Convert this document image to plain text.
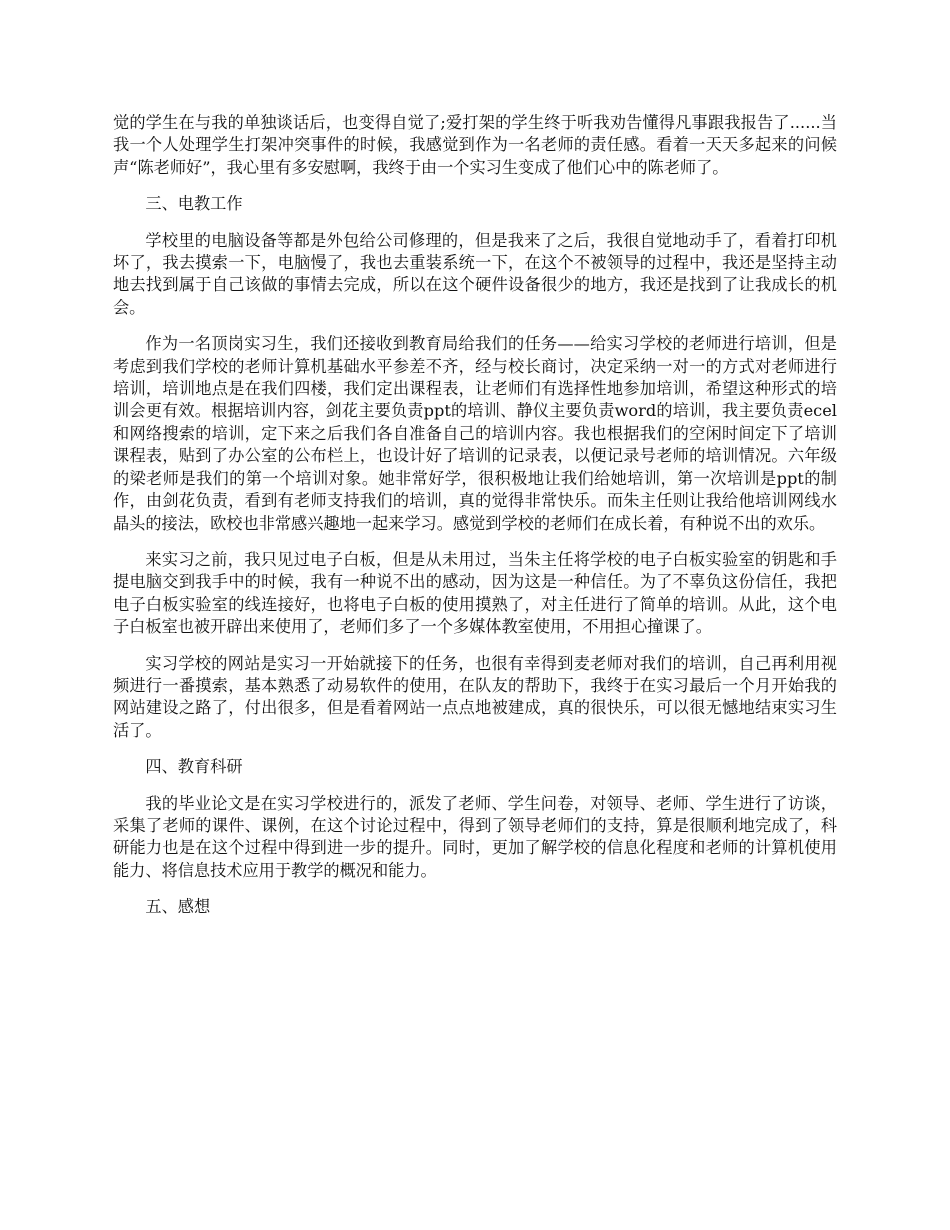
觉的学生在与我的单独谈话后，也变得自觉了;爱打架的学生终于听我劝告懂得凡事跟我报告了......当我一个人处理学生打架冲突事件的时候，我感觉到作为一名老师的责任感。看着一天天多起来的问候声“陈老师好”，我心里有多安慰啊，我终于由一个实习生变成了他们心中的陈老师了。

三、电教工作

学校里的电脑设备等都是外包给公司修理的，但是我来了之后，我很自觉地动手了，看着打印机坏了，我去摸索一下，电脑慢了，我也去重装系统一下，在这个不被领导的过程中，我还是坚持主动地去找到属于自己该做的事情去完成，所以在这个硬件设备很少的地方，我还是找到了让我成长的机会。

作为一名顶岗实习生，我们还接收到教育局给我们的任务——给实习学校的老师进行培训，但是考虑到我们学校的老师计算机基础水平参差不齐，经与校长商讨，决定采纳一对一的方式对老师进行培训，培训地点是在我们四楼，我们定出课程表，让老师们有选择性地参加培训，希望这种形式的培训会更有效。根据培训内容，剑花主要负责ppt的培训、静仪主要负责word的培训，我主要负责ecel和网络搜索的培训，定下来之后我们各自准备自己的培训内容。我也根据我们的空闲时间定下了培训课程表，贴到了办公室的公布栏上，也设计好了培训的记录表，以便记录号老师的培训情况。六年级的梁老师是我们的第一个培训对象。她非常好学，很积极地让我们给她培训，第一次培训是ppt的制作，由剑花负责，看到有老师支持我们的培训，真的觉得非常快乐。而朱主任则让我给他培训网线水晶头的接法，欧校也非常感兴趣地一起来学习。感觉到学校的老师们在成长着，有种说不出的欢乐。

来实习之前，我只见过电子白板，但是从未用过，当朱主任将学校的电子白板实验室的钥匙和手提电脑交到我手中的时候，我有一种说不出的感动，因为这是一种信任。为了不辜负这份信任，我把电子白板实验室的线连接好，也将电子白板的使用摸熟了，对主任进行了简单的培训。从此，这个电子白板室也被开辟出来使用了，老师们多了一个多媒体教室使用，不用担心撞课了。

实习学校的网站是实习一开始就接下的任务，也很有幸得到麦老师对我们的培训，自己再利用视频进行一番摸索，基本熟悉了动易软件的使用，在队友的帮助下，我终于在实习最后一个月开始我的网站建设之路了，付出很多，但是看着网站一点点地被建成，真的很快乐，可以很无憾地结束实习生活了。

四、教育科研

我的毕业论文是在实习学校进行的，派发了老师、学生问卷，对领导、老师、学生进行了访谈，采集了老师的课件、课例，在这个讨论过程中，得到了领导老师们的支持，算是很顺利地完成了，科研能力也是在这个过程中得到进一步的提升。同时，更加了解学校的信息化程度和老师的计算机使用能力、将信息技术应用于教学的概况和能力。

五、感想
